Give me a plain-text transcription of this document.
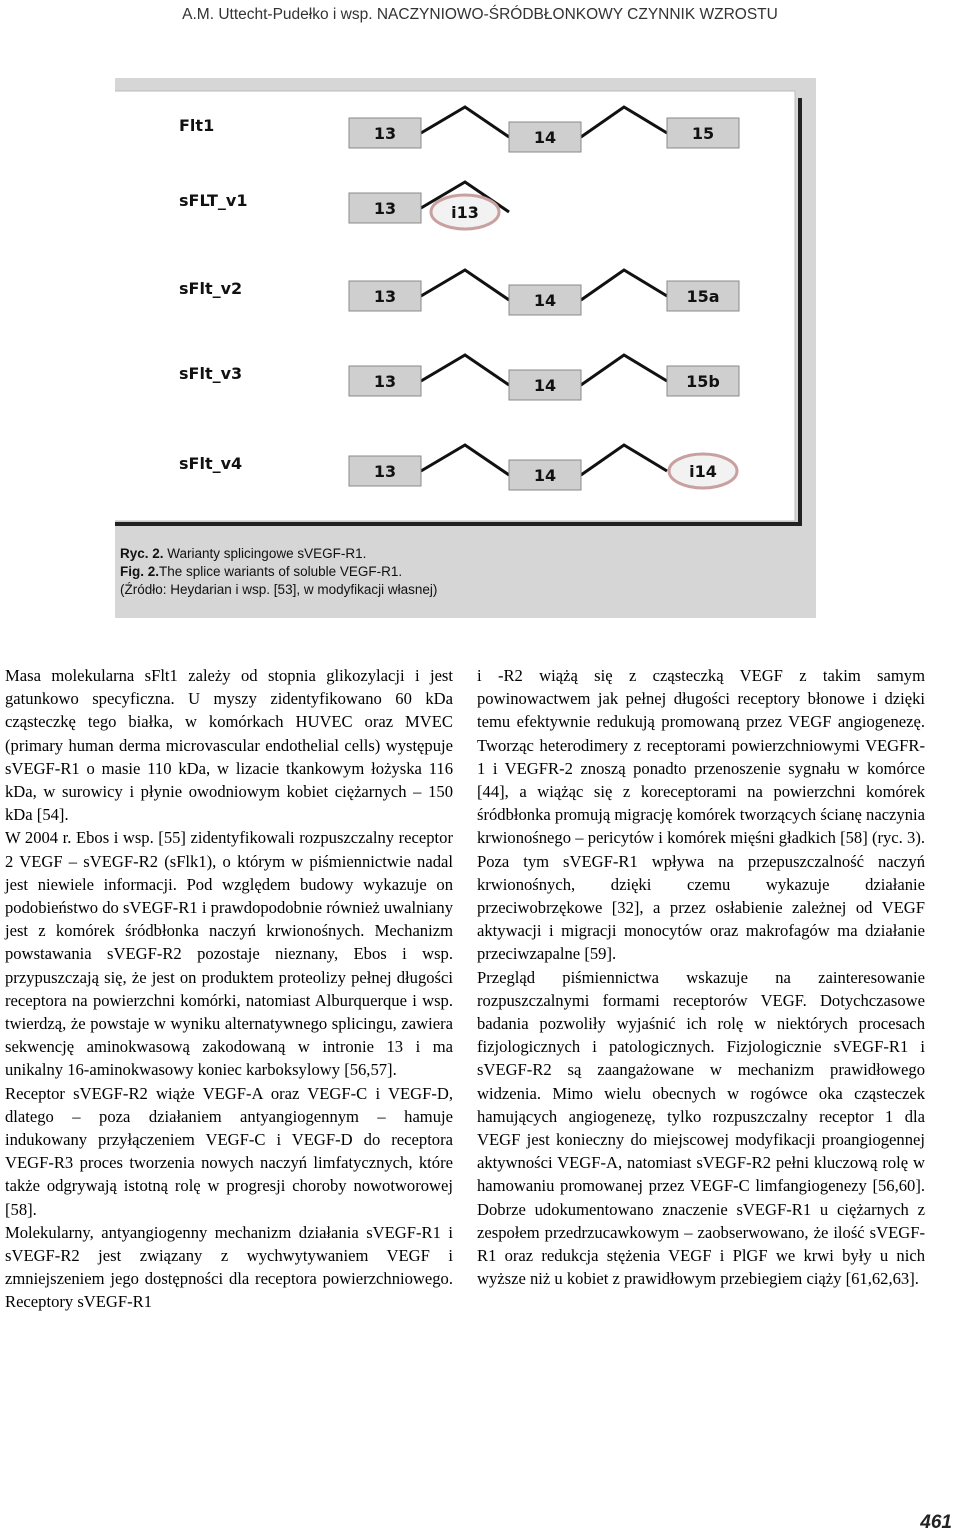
A.M. Uttecht-Pudełko i wsp. NACZYNIOWO-ŚRÓDBŁONKOWY CZYNNIK WZROSTU
Flt1	13	14	15
sFLT_v1	13	i13
sFlt_v2	13	14	15a
sFlt_v3	13	14	15b
sFlt_v4	13	14	i14
Ryc. 2. Warianty splicingowe sVEGF-R1.
Fig. 2.The splice wariants of soluble VEGF-R1.
(Źródło: Heydarian i wsp. [53], w modyfikacji własnej)

Masa molekularna sFlt1 zależy od stopnia glikozylacji i jest gatunkowo specyficzna. U myszy zidentyfikowano 60 kDa cząsteczkę tego białka, w komórkach HUVEC oraz MVEC (primary human derma microvascular endothelial cells) występuje sVEGF-R1 o masie 110 kDa, w lizacie tkankowym łożyska 116 kDa, w surowicy i płynie owodniowym kobiet ciężarnych – 150 kDa [54].

W 2004 r. Ebos i wsp. [55] zidentyfikowali rozpuszczalny receptor 2 VEGF – sVEGF-R2 (sFlk1), o którym w piśmiennictwie nadal jest niewiele informacji. Pod względem budowy wykazuje on podobieństwo do sVEGF-R1 i prawdopodobnie również uwalniany jest z komórek śródbłonka naczyń krwionośnych. Mechanizm powstawania sVEGF-R2 pozostaje nieznany, Ebos i wsp. przypuszczają się, że jest on produktem proteolizy pełnej długości receptora na powierzchni komórki, natomiast Alburquerque i wsp. twierdzą, że powstaje w wyniku alternatywnego splicingu, zawiera sekwencję aminokwasową zakodowaną w intronie 13 i ma unikalny 16-aminokwasowy koniec karboksylowy [56,57].

Receptor sVEGF-R2 wiąże VEGF-A oraz VEGF-C i VEGF-D, dlatego – poza działaniem antyangiogennym – hamuje indukowany przyłączeniem VEGF-C i VEGF-D do receptora VEGF-R3 proces tworzenia nowych naczyń limfatycznych, które także odgrywają istotną rolę w progresji choroby nowotworowej [58].

Molekularny, antyangiogenny mechanizm działania sVEGF-R1 i sVEGF-R2 jest związany z wychwytywaniem VEGF i zmniejszeniem jego dostępności dla receptora powierzchniowego. Receptory sVEGF-R1

i -R2 wiążą się z cząsteczką VEGF z takim samym powinowactwem jak pełnej długości receptory błonowe i dzięki temu efektywnie redukują promowaną przez VEGF angiogenezę. Tworząc heterodimery z receptorami powierzchniowymi VEGFR-1 i VEGFR-2 znoszą ponadto przenoszenie sygnału w komórce [44], a wiążąc się z koreceptorami na powierzchni komórek śródbłonka promują migrację komórek tworzących ścianę naczynia krwionośnego – pericytów i komórek mięśni gładkich [58] (ryc. 3). Poza tym sVEGF-R1 wpływa na przepuszczalność naczyń krwionośnych, dzięki czemu wykazuje działanie przeciwobrzękowe [32], a przez osłabienie zależnej od VEGF aktywacji i migracji monocytów oraz makrofagów ma działanie przeciwzapalne [59].

Przegląd piśmiennictwa wskazuje na zainteresowanie rozpuszczalnymi formami receptorów VEGF. Dotychczasowe badania pozwoliły wyjaśnić ich rolę w niektórych procesach fizjologicznych i patologicznych. Fizjologicznie sVEGF-R1 i sVEGF-R2 są zaangażowane w mechanizm prawidłowego widzenia. Mimo wielu obecnych w rogówce oka cząsteczek hamujących angiogenezę, tylko rozpuszczalny receptor 1 dla VEGF jest konieczny do miejscowej modyfikacji proangiogennej aktywności VEGF-A, natomiast sVEGF-R2 pełni kluczową rolę w hamowaniu promowanej przez VEGF-C limfangiogenezy [56,60]. Dobrze udokumentowano znaczenie sVEGF-R1 u ciężarnych z zespołem przedrzucawkowym – zaobserwowano, że ilość sVEGF-R1 oraz redukcja stężenia VEGF i PlGF we krwi były u nich wyższe niż u kobiet z prawidłowym przebiegiem ciąży [61,62,63].

461
